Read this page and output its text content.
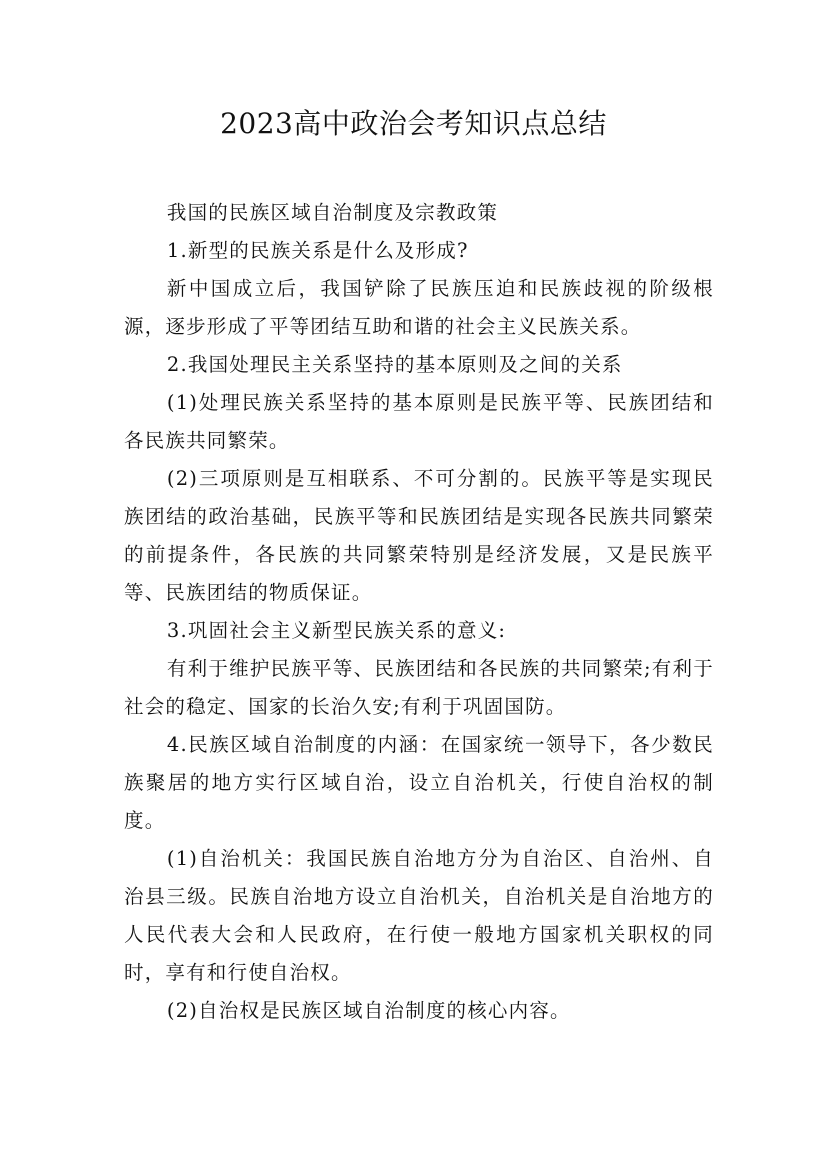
2023高中政治会考知识点总结

我国的民族区域自治制度及宗教政策

1.新型的民族关系是什么及形成?

新中国成立后，我国铲除了民族压迫和民族歧视的阶级根源，逐步形成了平等团结互助和谐的社会主义民族关系。

2.我国处理民主关系坚持的基本原则及之间的关系

(1)处理民族关系坚持的基本原则是民族平等、民族团结和各民族共同繁荣。

(2)三项原则是互相联系、不可分割的。民族平等是实现民族团结的政治基础，民族平等和民族团结是实现各民族共同繁荣的前提条件，各民族的共同繁荣特别是经济发展，又是民族平等、民族团结的物质保证。

3.巩固社会主义新型民族关系的意义:

有利于维护民族平等、民族团结和各民族的共同繁荣;有利于社会的稳定、国家的长治久安;有利于巩固国防。

4.民族区域自治制度的内涵：在国家统一领导下，各少数民族聚居的地方实行区域自治，设立自治机关，行使自治权的制度。

(1)自治机关：我国民族自治地方分为自治区、自治州、自治县三级。民族自治地方设立自治机关，自治机关是自治地方的人民代表大会和人民政府，在行使一般地方国家机关职权的同时，享有和行使自治权。

(2)自治权是民族区域自治制度的核心内容。
